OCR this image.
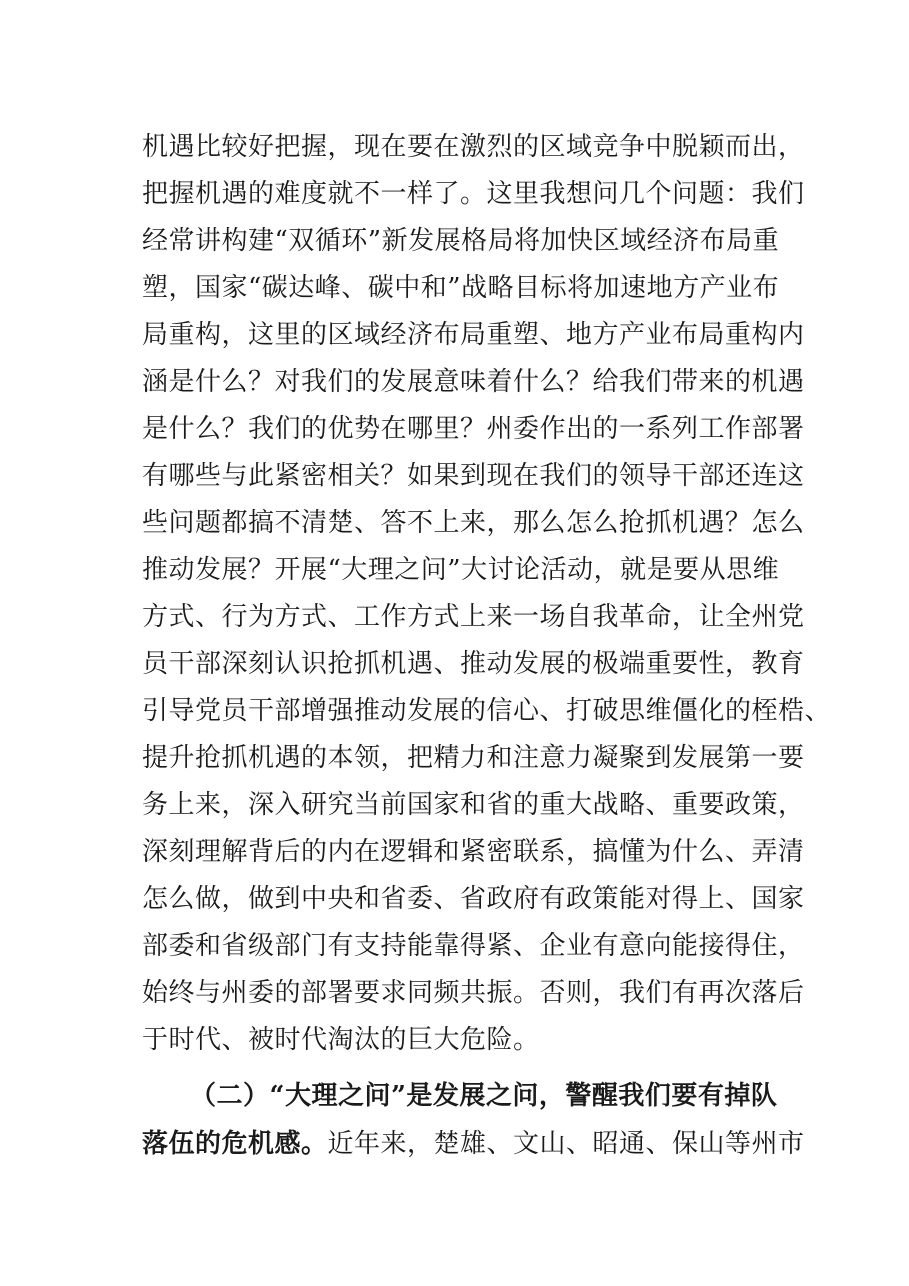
机遇比较好把握，现在要在激烈的区域竞争中脱颖而出，
把握机遇的难度就不一样了。这里我想问几个问题：我们
经常讲构建“双循环”新发展格局将加快区域经济布局重
塑，国家“碳达峰、碳中和”战略目标将加速地方产业布
局重构，这里的区域经济布局重塑、地方产业布局重构内
涵是什么？对我们的发展意味着什么？给我们带来的机遇
是什么？我们的优势在哪里？州委作出的一系列工作部署
有哪些与此紧密相关？如果到现在我们的领导干部还连这
些问题都搞不清楚、答不上来，那么怎么抢抓机遇？怎么
推动发展？开展“大理之问”大讨论活动，就是要从思维
方式、行为方式、工作方式上来一场自我革命，让全州党
员干部深刻认识抢抓机遇、推动发展的极端重要性，教育
引导党员干部增强推动发展的信心、打破思维僵化的桎梏、
提升抢抓机遇的本领，把精力和注意力凝聚到发展第一要
务上来，深入研究当前国家和省的重大战略、重要政策，
深刻理解背后的内在逻辑和紧密联系，搞懂为什么、弄清
怎么做，做到中央和省委、省政府有政策能对得上、国家
部委和省级部门有支持能靠得紧、企业有意向能接得住，
始终与州委的部署要求同频共振。否则，我们有再次落后
于时代、被时代淘汰的巨大危险。
（二）“大理之问”是发展之问，警醒我们要有掉队
落伍的危机感。近年来，楚雄、文山、昭通、保山等州市
